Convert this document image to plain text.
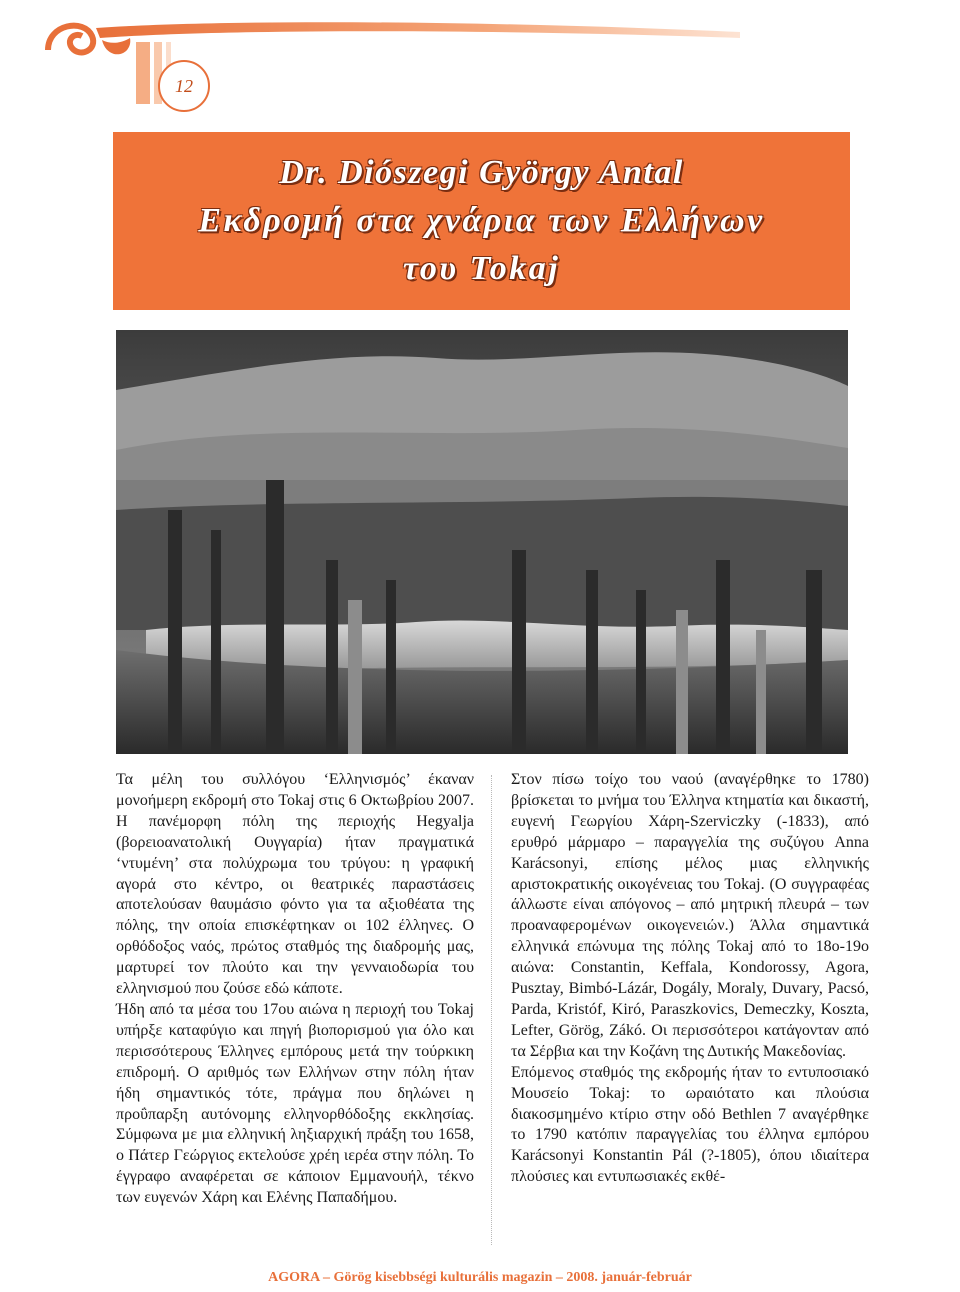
12
Dr. Diószegi György Antal
Εκδρομή στα χνάρια των Ελλήνων
του Tokaj

Τα μέλη του συλλόγου ‘Ελληνισμός’ έκαναν μονοήμερη εκδρομή στο Tokaj στις 6 Οκτωβρίου 2007. Η πανέμορφη πόλη της περιοχής Hegyalja (βορειοανατολική Ουγγαρία) ήταν πραγματικά ‘ντυμένη’ στα πολύχρωμα του τρύγου: η γραφική αγορά στο κέντρο, οι θεατρικές παραστάσεις αποτελούσαν θαυμάσιο φόντο για τα αξιοθέατα της πόλης, την οποία επισκέφτηκαν οι 102 έλληνες. Ο ορθόδοξος ναός, πρώτος σταθμός της διαδρομής μας, μαρτυρεί τον πλούτο και την γενναιοδωρία του ελληνισμού που ζούσε εδώ κάποτε.

Ήδη από τα μέσα του 17ου αιώνα η περιοχή του Tokaj υπήρξε καταφύγιο και πηγή βιοπορισμού για όλο και περισσότερους Έλληνες εμπόρους μετά την τούρκικη επιδρομή. Ο αριθμός των Ελλήνων στην πόλη ήταν ήδη σημαντικός τότε, πράγμα που δηλώνει η προΰπαρξη αυτόνομης ελληνορθόδοξης εκκλησίας. Σύμφωνα με μια ελληνική ληξιαρχική πράξη του 1658, ο Πάτερ Γεώργιος εκτελούσε χρέη ιερέα στην πόλη. Το έγγραφο αναφέρεται σε κάποιον Εμμανουήλ, τέκνο των ευγενών Χάρη και Ελένης Παπαδήμου.

Στον πίσω τοίχο του ναού (αναγέρθηκε το 1780) βρίσκεται το μνήμα του Έλληνα κτηματία και δικαστή, ευγενή Γεωργίου Χάρη-Szerviczky (-1833), από ερυθρό μάρμαρο – παραγγελία της συζύγου Anna Karácsonyi, επίσης μέλος μιας ελληνικής αριστοκρατικής οικογένειας του Tokaj. (Ο συγγραφέας άλλωστε είναι απόγονος – από μητρική πλευρά – των προαναφερομένων οικογενειών.) Άλλα σημαντικά ελληνικά επώνυμα της πόλης Tokaj από το 18ο-19ο αιώνα: Constantin, Keffala, Kondorossy, Agora, Pusztay, Bimbó-Lázár, Dogály, Moraly, Duvary, Pacsó, Parda, Kristóf, Kiró, Paraszkovics, Demeczky, Koszta, Lefter, Görög, Zákó. Οι περισσότεροι κατάγονταν από τα Σέρβια και την Κοζάνη της Δυτικής Μακεδονίας.

Επόμενος σταθμός της εκδρομής ήταν το εντυποσιακό Μουσείο Tokaj: το ωραιότατο και πλούσια διακοσμημένο κτίριο στην οδό Bethlen 7 αναγέρθηκε το 1790 κατόπιν παραγγελίας του έλληνα εμπόρου Karácsonyi Konstantin Pál (?-1805), όπου ιδιαίτερα πλούσιες και εντυπωσιακές εκθέ-

AGORA – Görög kisebbségi kulturális magazin – 2008. január-február
